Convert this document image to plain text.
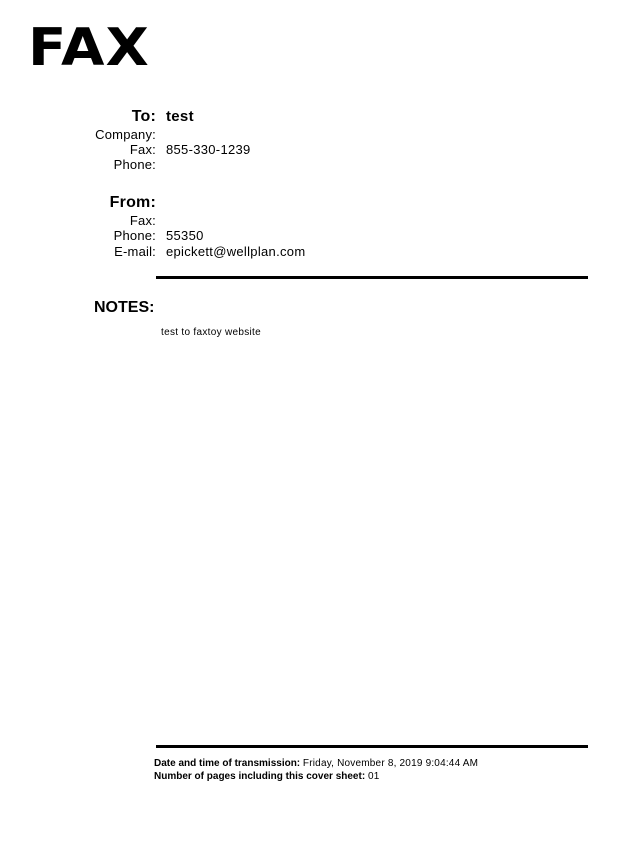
FAX
To: test
Company:
Fax: 855-330-1239
Phone:
From:
Fax:
Phone: 55350
E-mail: epickett@wellplan.com
NOTES:
test to faxtoy website
Date and time of transmission: Friday, November 8, 2019 9:04:44 AM
Number of pages including this cover sheet: 01
